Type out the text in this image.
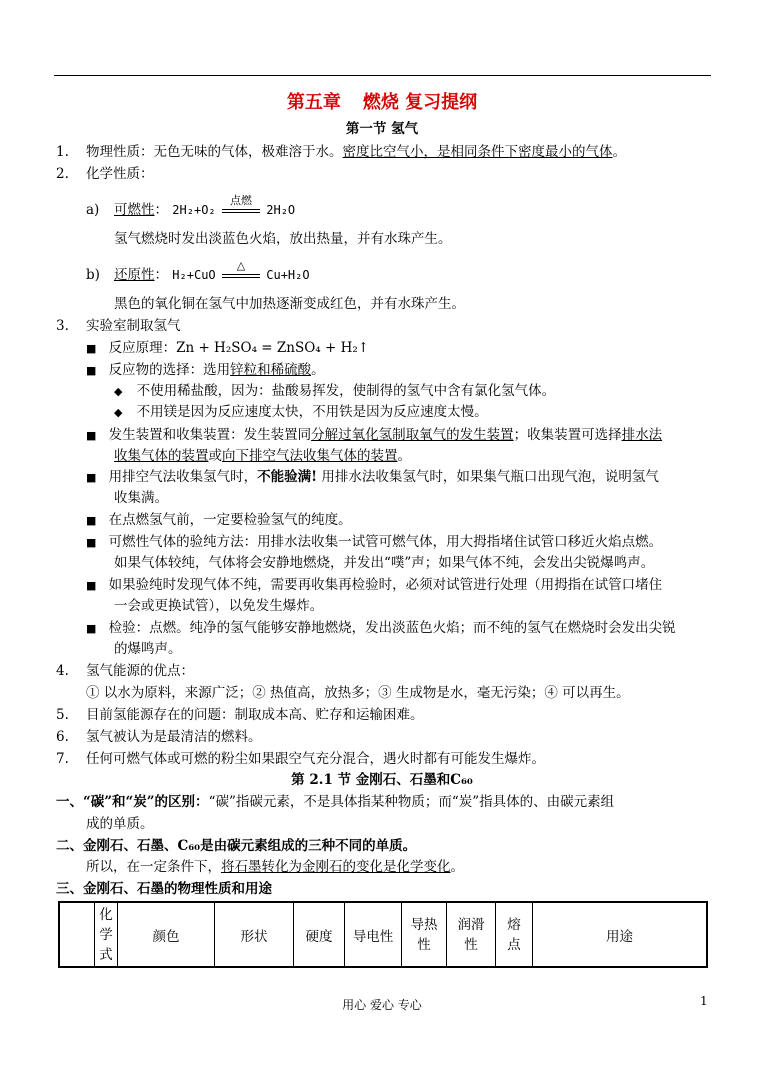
第五章 燃烧 复习提纲
第一节 氢气
1. 物理性质：无色无味的气体，极难溶于水。密度比空气小，是相同条件下密度最小的气体。
2. 化学性质：
a) 可燃性： 2H₂+O₂
点燃
2H₂O
氢气燃烧时发出淡蓝色火焰，放出热量，并有水珠产生。
b) 还原性： H₂+CuO
△
Cu+H₂O
黑色的氧化铜在氢气中加热逐渐变成红色，并有水珠产生。
3. 实验室制取氢气
■ 反应原理：Zn + H₂SO₄ = ZnSO₄ + H₂↑
■ 反应物的选择：选用锌粒和稀硫酸。
◆ 不使用稀盐酸，因为：盐酸易挥发，使制得的氢气中含有氯化氢气体。
◆ 不用镁是因为反应速度太快，不用铁是因为反应速度太慢。
■ 发生装置和收集装置：发生装置同分解过氧化氢制取氧气的发生装置；收集装置可选择排水法
收集气体的装置或向下排空气法收集气体的装置。
■ 用排空气法收集氢气时，不能验满! 用排水法收集氢气时，如果集气瓶口出现气泡，说明氢气
收集满。
■ 在点燃氢气前，一定要检验氢气的纯度。
■ 可燃性气体的验纯方法：用排水法收集一试管可燃气体，用大拇指堵住试管口移近火焰点燃。
如果气体较纯，气体将会安静地燃烧，并发出“噗”声；如果气体不纯，会发出尖锐爆鸣声。
■ 如果验纯时发现气体不纯，需要再收集再检验时，必须对试管进行处理（用拇指在试管口堵住
一会或更换试管），以免发生爆炸。
■ 检验：点燃。纯净的氢气能够安静地燃烧，发出淡蓝色火焰；而不纯的氢气在燃烧时会发出尖锐
的爆鸣声。
4. 氢气能源的优点：
① 以水为原料，来源广泛；② 热值高，放热多；③ 生成物是水，毫无污染；④ 可以再生。
5. 目前氢能源存在的问题：制取成本高、贮存和运输困难。
6. 氢气被认为是最清洁的燃料。
7. 任何可燃气体或可燃的粉尘如果跟空气充分混合，遇火时都有可能发生爆炸。
第 2.1 节 金刚石、石墨和C₆₀
一、“碳”和“炭”的区别：“碳”指碳元素，不是具体指某种物质；而“炭”指具体的、由碳元素组
成的单质。
二、金刚石、石墨、C₆₀是由碳元素组成的三种不同的单质。
所以，在一定条件下，将石墨转化为金刚石的变化是化学变化。
三、金刚石、石墨的物理性质和用途
	化学式	颜色	形状	硬度	导电性	导热性	润滑性	熔点	用途
用心 爱心 专心	1
